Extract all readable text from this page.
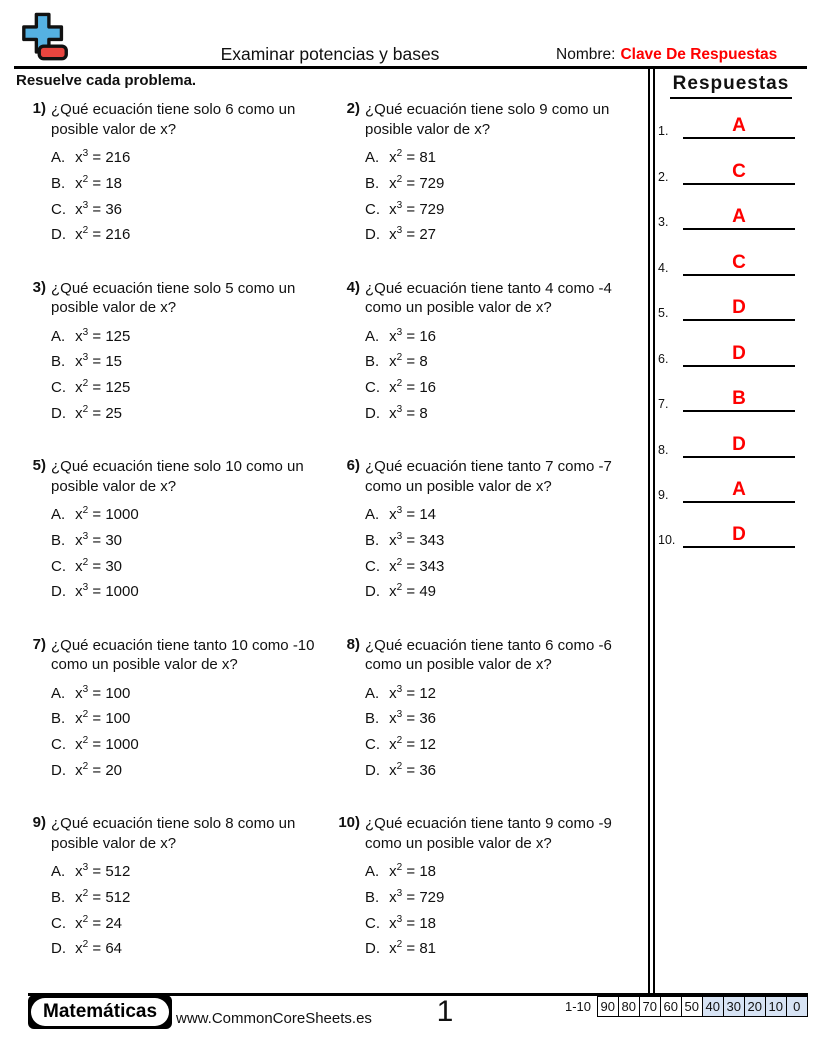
Examinar potencias y bases	Nombre: Clave De Respuestas
Resuelve cada problema.
1) ¿Qué ecuación tiene solo 6 como un posible valor de x?
A. $x^3 = 216$
B. $x^2 = 18$
C. $x^3 = 36$
D. $x^2 = 216$
2) ¿Qué ecuación tiene solo 9 como un posible valor de x?
A. $x^2 = 81$
B. $x^2 = 729$
C. $x^3 = 729$
D. $x^3 = 27$
3) ¿Qué ecuación tiene solo 5 como un posible valor de x?
A. $x^3 = 125$
B. $x^3 = 15$
C. $x^2 = 125$
D. $x^2 = 25$
4) ¿Qué ecuación tiene tanto 4 como -4 como un posible valor de x?
A. $x^3 = 16$
B. $x^2 = 8$
C. $x^2 = 16$
D. $x^3 = 8$
5) ¿Qué ecuación tiene solo 10 como un posible valor de x?
A. $x^2 = 1000$
B. $x^3 = 30$
C. $x^2 = 30$
D. $x^3 = 1000$
6) ¿Qué ecuación tiene tanto 7 como -7 como un posible valor de x?
A. $x^3 = 14$
B. $x^3 = 343$
C. $x^2 = 343$
D. $x^2 = 49$
7) ¿Qué ecuación tiene tanto 10 como -10 como un posible valor de x?
A. $x^3 = 100$
B. $x^2 = 100$
C. $x^2 = 1000$
D. $x^2 = 20$
8) ¿Qué ecuación tiene tanto 6 como -6 como un posible valor de x?
A. $x^3 = 12$
B. $x^3 = 36$
C. $x^2 = 12$
D. $x^2 = 36$
9) ¿Qué ecuación tiene solo 8 como un posible valor de x?
A. $x^3 = 512$
B. $x^2 = 512$
C. $x^2 = 24$
D. $x^2 = 64$
10) ¿Qué ecuación tiene tanto 9 como -9 como un posible valor de x?
A. $x^2 = 18$
B. $x^3 = 729$
C. $x^3 = 18$
D. $x^2 = 81$
Respuestas
1.	A
2.	C
3.	A
4.	C
5.	D
6.	D
7.	B
8.	D
9.	A
10.	D
Matemáticas	www.CommonCoreSheets.es	1	1-10 90 80 70 60 50 40 30 20 10 0
